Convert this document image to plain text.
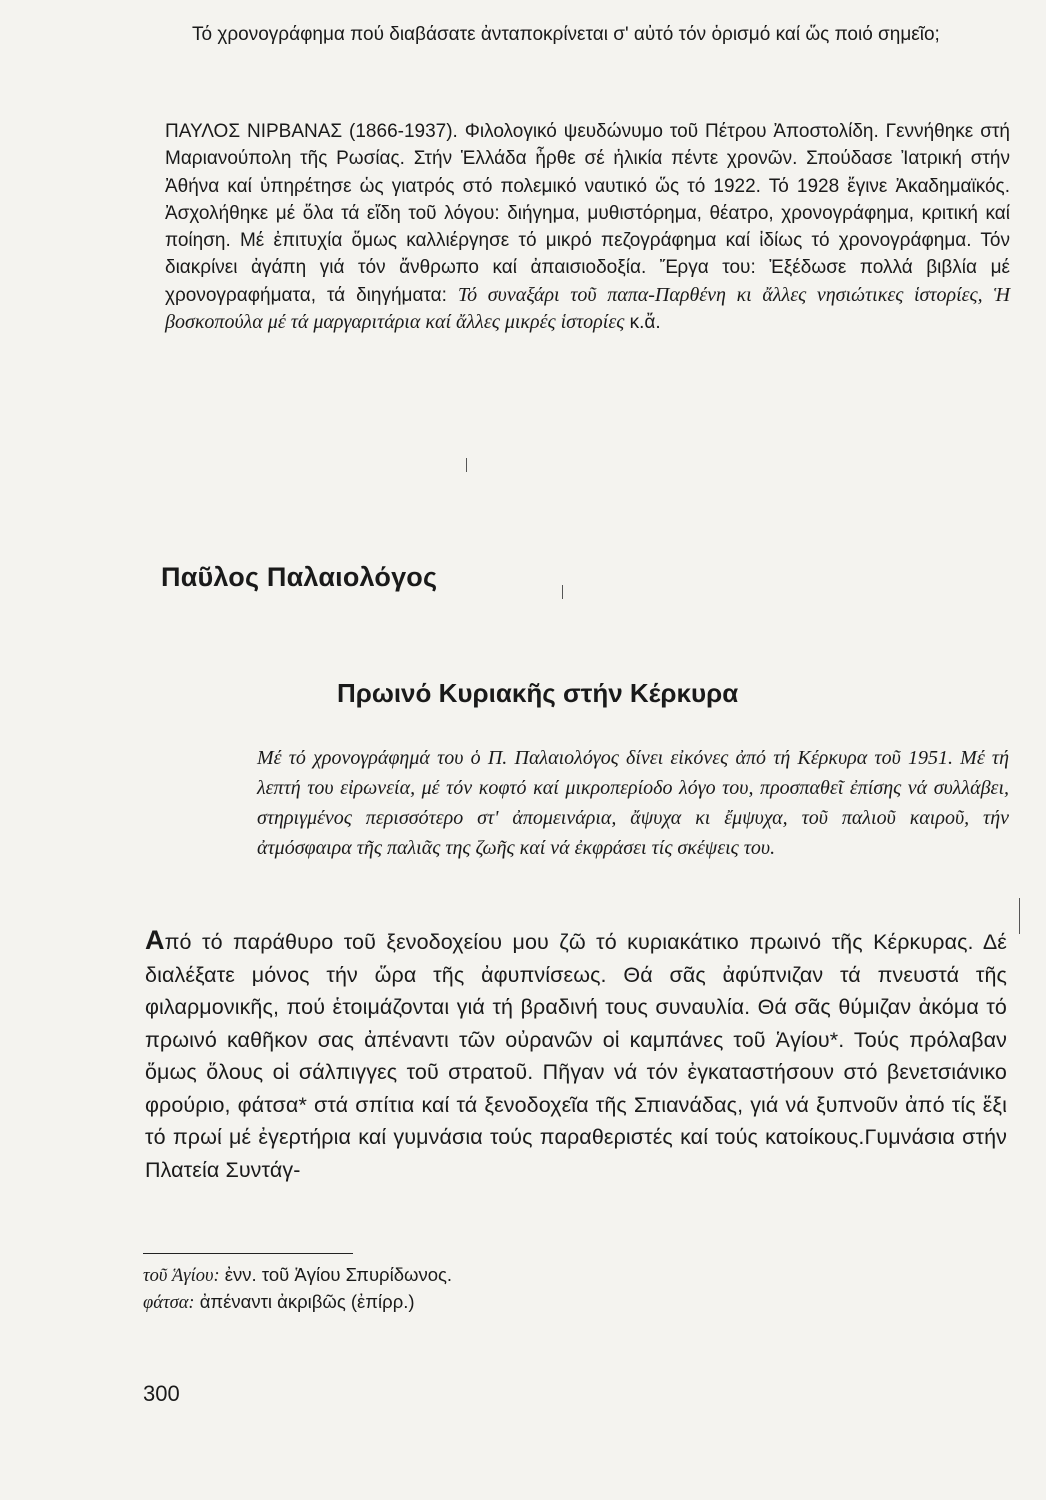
Τό χρονογράφημα πού διαβάσατε ἀνταποκρίνεται σ' αὐτό τόν ὁρισμό καί ὥς ποιό σημεῖο;

ΠΑΥΛΟΣ ΝΙΡΒΑΝΑΣ (1866-1937). Φιλολογικό ψευδώνυμο τοῦ Πέτρου Ἀποστολίδη. Γεννήθηκε στή Μαριανούπολη τῆς Ρωσίας. Στήν Ἑλλάδα ἦρθε σέ ἡλικία πέντε χρονῶν. Σπούδασε Ἰατρική στήν Ἀθήνα καί ὑπηρέτησε ὡς γιατρός στό πολεμικό ναυτικό ὥς τό 1922. Τό 1928 ἔγινε Ἀκαδημαϊκός. Ἀσχολήθηκε μέ ὅλα τά εἴδη τοῦ λόγου: διήγημα, μυθιστόρημα, θέατρο, χρονογράφημα, κριτική καί ποίηση. Μέ ἐπιτυχία ὅμως καλλιέργησε τό μικρό πεζογράφημα καί ἰδίως τό χρονογράφημα. Τόν διακρίνει ἀγάπη γιά τόν ἄνθρωπο καί ἀπαισιοδοξία. Ἔργα του: Ἐξέδωσε πολλά βιβλία μέ χρονογραφήματα, τά διηγήματα: Τό συναξάρι τοῦ παπα-Παρθένη κι ἄλλες νησιώτικες ἱστορίες, Ἡ βοσκοπούλα μέ τά μαργαριτάρια καί ἄλλες μικρές ἱστορίες κ.ἄ.

Παῦλος Παλαιολόγος
Πρωινό Κυριακῆς στήν Κέρκυρα

Μέ τό χρονογράφημά του ὁ Π. Παλαιολόγος δίνει εἰκόνες ἀπό τή Κέρκυρα τοῦ 1951. Μέ τή λεπτή του εἰρωνεία, μέ τόν κοφτό καί μικροπερίοδο λόγο του, προσπαθεῖ ἐπίσης νά συλλάβει, στηριγμένος περισσότερο στ' ἀπομεινάρια, ἄψυχα κι ἔμψυχα, τοῦ παλιοῦ καιροῦ, τήν ἀτμόσφαιρα τῆς παλιᾶς της ζωῆς καί νά ἐκφράσει τίς σκέψεις του.

Από τό παράθυρο τοῦ ξενοδοχείου μου ζῶ τό κυριακάτικο πρωινό τῆς Κέρκυρας. Δέ διαλέξατε μόνος τήν ὥρα τῆς ἀφυπνίσεως. Θά σᾶς ἀφύπνιζαν τά πνευστά τῆς φιλαρμονικῆς, πού ἑτοιμάζονται γιά τή βραδινή τους συναυλία. Θά σᾶς θύμιζαν ἀκόμα τό πρωινό καθῆκον σας ἀπέναντι τῶν οὐρανῶν οἱ καμπάνες τοῦ Ἁγίου*. Τούς πρόλαβαν ὅμως ὅλους οἱ σάλπιγγες τοῦ στρατοῦ. Πῆγαν νά τόν ἐγκαταστήσουν στό βενετσιάνικο φρούριο, φάτσα* στά σπίτια καί τά ξενοδοχεῖα τῆς Σπιανάδας, γιά νά ξυπνοῦν ἀπό τίς ἕξι τό πρωί μέ ἐγερτήρια καί γυμνάσια τούς παραθεριστές καί τούς κατοίκους.Γυμνάσια στήν Πλατεία Συντάγ-

τοῦ Ἁγίου: ἐνν. τοῦ Ἁγίου Σπυρίδωνος.

φάτσα: ἀπέναντι ἀκριβῶς (ἐπίρρ.)

300
